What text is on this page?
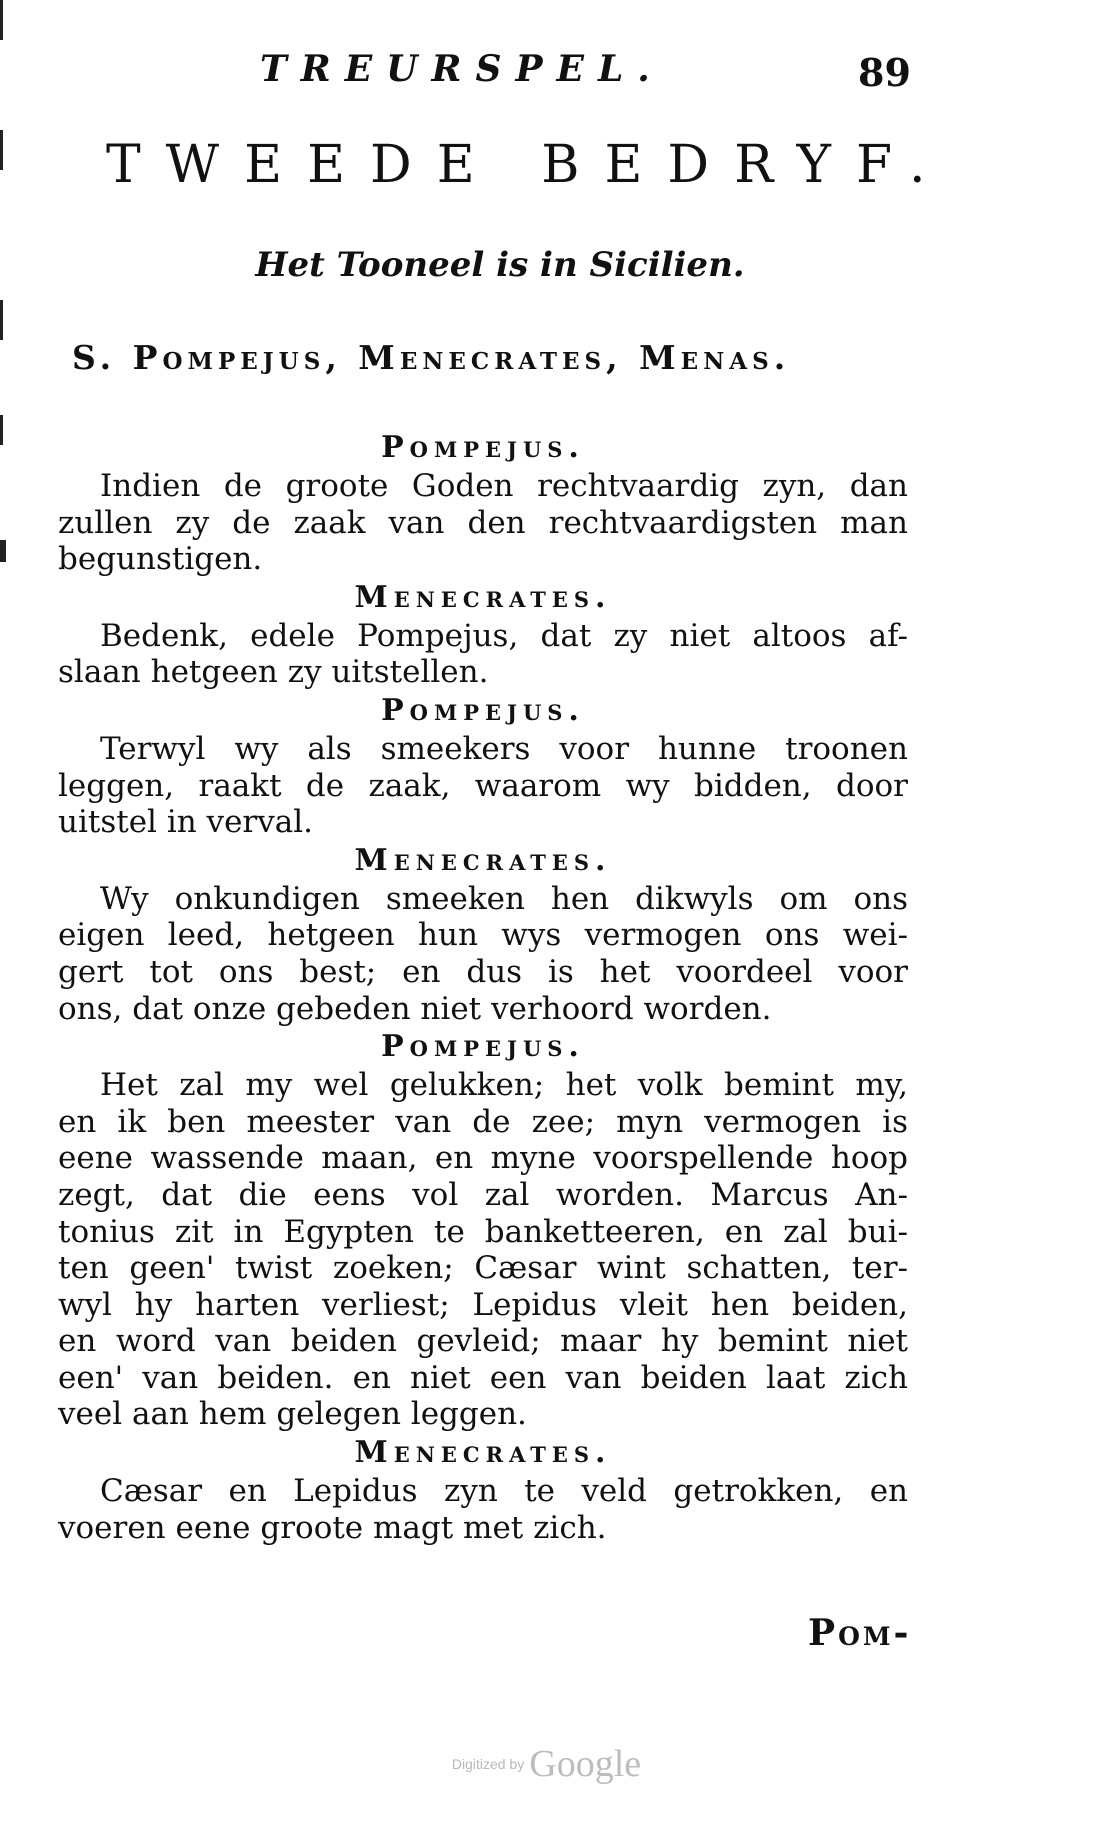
TREURSPEL.	89
TWEEDE BEDRYF.
Het Tooneel is in Sicilien.
S. Pompejus, Menecrates, Menas.
Pompejus.
Indien de groote Goden rechtvaardig zyn, dan
zullen zy de zaak van den rechtvaardigsten man
begunstigen.
Menecrates.
Bedenk, edele Pompejus, dat zy niet altoos af-
slaan hetgeen zy uitstellen.
Pompejus.
Terwyl wy als smeekers voor hunne troonen
leggen, raakt de zaak, waarom wy bidden, door
uitstel in verval.
Menecrates.
Wy onkundigen smeeken hen dikwyls om ons
eigen leed, hetgeen hun wys vermogen ons wei-
gert tot ons best; en dus is het voordeel voor
ons, dat onze gebeden niet verhoord worden.
Pompejus.
Het zal my wel gelukken; het volk bemint my,
en ik ben meester van de zee; myn vermogen is
eene wassende maan, en myne voorspellende hoop
zegt, dat die eens vol zal worden. Marcus An-
tonius zit in Egypten te banketteeren, en zal bui-
ten geen' twist zoeken; Cæsar wint schatten, ter-
wyl hy harten verliest; Lepidus vleit hen beiden,
en word van beiden gevleid; maar hy bemint niet
een' van beiden. en niet een van beiden laat zich
veel aan hem gelegen leggen.
Menecrates.
Cæsar en Lepidus zyn te veld getrokken, en
voeren eene groote magt met zich.
Pom-
Digitized by Google
